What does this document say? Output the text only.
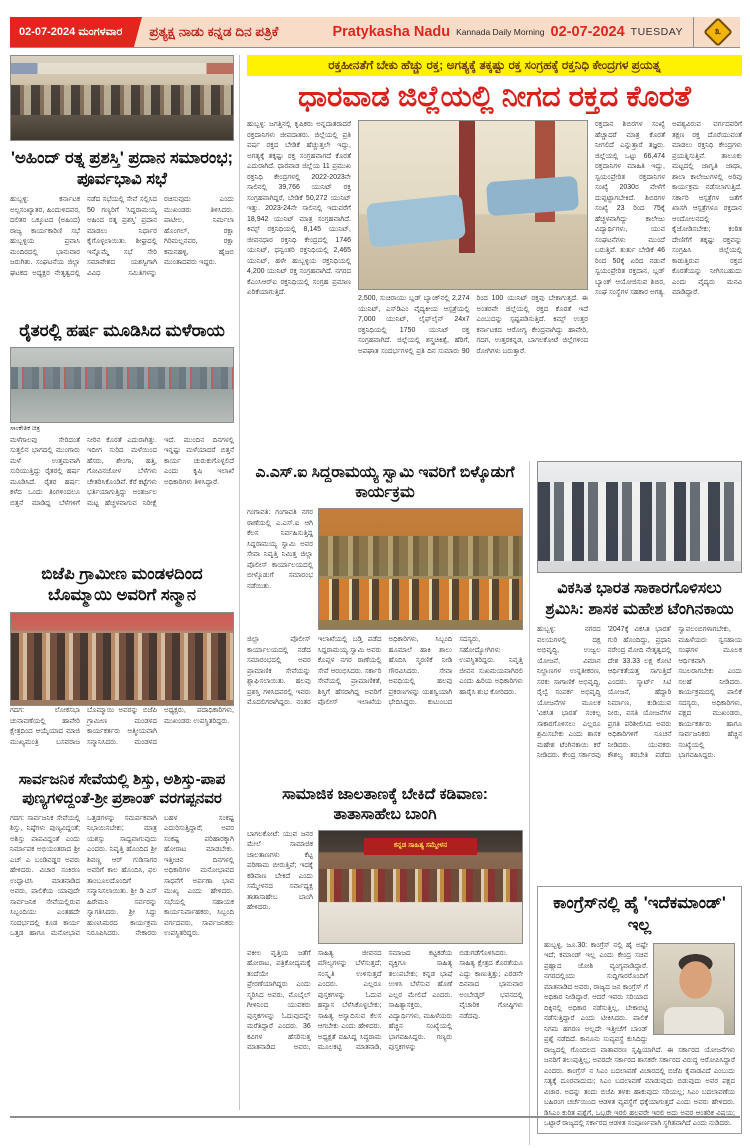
02-07-2024 ಮಂಗಳವಾರ	ಪ್ರತ್ಯಕ್ಷ ನಾಡು ಕನ್ನಡ ದಿನ ಪತ್ರಿಕೆ	Pratykasha Nadu Kannada Daily Morning 02-07-2024 TUESDAY	೩
'ಅಹಿಂದ್ ರತ್ನ ಪ್ರಶಸ್ತಿ' ಪ್ರದಾನ ಸಮಾರಂಭ; ಪೂರ್ವಭಾವಿ ಸಭೆ
ಹುಬ್ಬಳ್ಳಿ: ಕರ್ನಾಟಕ ಅಲ್ಪಸಂಖ್ಯಾತರ, ಹಿಂದುಳಿದವರ, ದಲಿತರ ಒಕ್ಕೂಟದ (ಅಹಿಂದ) ರಾಜ್ಯ ಕಾರ್ಯಕಾರಿಣಿ ಸಭೆ ಹುಬ್ಬಳ್ಳಿಯ ಪ್ರವಾಸಿ ಮಂದಿರದಲ್ಲಿ ಭಾನುವಾರ ಜರುಗಿತು. ಸಂಘಟನೆಯ ಜಿಲ್ಲಾ ಘಟಕದ ಅಧ್ಯಕ್ಷರ ನೇತೃತ್ವದಲ್ಲಿ ನಡೆದ ಸಭೆಯಲ್ಲಿ ಸೇವೆ ಸಲ್ಲಿಸಿದ 50 ಗಣ್ಯರಿಗೆ 'ಸಿದ್ದರಾಮಯ್ಯ ಅಹಿಂದ ರತ್ನ ಪ್ರಶಸ್ತಿ' ಪ್ರದಾನ ಮಾಡಲು ನಿರ್ಧಾರ ಕೈಗೊಳ್ಳಲಾಯಿತು. ಶೀಘ್ರದಲ್ಲಿ ಇನ್ನೊಮ್ಮೆ ಸಭೆ ಸೇರಿ ಸಮಾವೇಶದ ಯಶಸ್ವಿಗಾಗಿ ವಿವಿಧ ಸಮಿತಿಗಳನ್ನು ರಚಿಸುವುದು ಎಂದು ಮುಖಂಡರು ತಿಳಿಸಿದರು. ಪಾಟೀಲ, ನಿರ್ಮಲಾ ಹೊಂಗಲ್, ರಕ್ಷಾ ಗಿರಿಮಲ್ಲನವರ, ರಕ್ಷಾ ಕಮನಹಳ್ಳಿ, ಹೈಜಬಿ ಮುಂತಾದವರು ಇದ್ದರು.
ರೈತರಲ್ಲಿ ಹರ್ಷ ಮೂಡಿಸಿದ ಮಳೆರಾಯ
ಸಾಂಕೇತಿಕ ಚಿತ್ರ
ಮಳೆಗಾಲವು ಸೇರಿದಂತೆ ಸುತ್ತಲಿನ ಭಾಗದಲ್ಲಿ ಮುಂಗಾರು ಮಳೆ ಉತ್ತಮವಾಗಿ ಸುರಿಯುತ್ತಿದ್ದು ರೈತರಲ್ಲಿ ಹರ್ಷ ಮೂಡಿಸಿದೆ. ರೈತರ ಹರ್ಷ: ಕಳೆದ ಒಂದು ತಿಂಗಳಿಂದಲೂ ಬಿತ್ತನೆ ಮಾಡಿದ್ದ ಬೆಳೆಗಳಿಗೆ ನೀರಿನ ಕೊರತೆ ಎದುರಾಗಿತ್ತು. ಇದೀಗ ಸುರಿದ ಮಳೆಯಿಂದ ಹೆಸರು, ಶೇಂಗಾ, ಹತ್ತಿ, ಗೋವಿನಜೋಳ ಬೆಳೆಗಳು ಚೇತರಿಸಿಕೊಂಡಿವೆ. ಕೆರೆ ಕಟ್ಟೆಗಳು ಭರ್ತಿಯಾಗುತ್ತಿದ್ದು ಅಂತರ್ಜಲ ಮಟ್ಟ ಹೆಚ್ಚಳವಾಗುವ ನಿರೀಕ್ಷೆ ಇದೆ. ಮುಂದಿನ ದಿನಗಳಲ್ಲಿ ಇನ್ನಷ್ಟು ಮಳೆಯಾದರೆ ಬಿತ್ತನೆ ಕಾರ್ಯ ಚುರುಕುಗೊಳ್ಳಲಿದೆ ಎಂದು ಕೃಷಿ ಇಲಾಖೆ ಅಧಿಕಾರಿಗಳು ತಿಳಿಸಿದ್ದಾರೆ.
ಬಿಜೆಪಿ ಗ್ರಾಮೀಣ ಮಂಡಳದಿಂದ ಬೊಮ್ಮಾಯಿ ಅವರಿಗೆ ಸನ್ಮಾನ
ಗದಗ: ಲೋಕಸಭಾ ಚುನಾವಣೆಯಲ್ಲಿ ಹಾವೇರಿ ಕ್ಷೇತ್ರದಿಂದ ಆಯ್ಕೆಯಾದ ಮಾಜಿ ಮುಖ್ಯಮಂತ್ರಿ ಬಸವರಾಜ ಬೊಮ್ಮಾಯಿ ಅವರನ್ನು ಬಿಜೆಪಿ ಗ್ರಾಮೀಣ ಮಂಡಳದ ಕಾರ್ಯಕರ್ತರು ಆತ್ಮೀಯವಾಗಿ ಸನ್ಮಾನಿಸಿದರು. ಮಂಡಳದ ಅಧ್ಯಕ್ಷರು, ಪದಾಧಿಕಾರಿಗಳು, ಮುಖಂಡರು ಉಪಸ್ಥಿತರಿದ್ದರು.
ಸಾರ್ವಜನಿಕ ಸೇವೆಯಲ್ಲಿ ಶಿಸ್ತು, ಅಶಿಸ್ತು-ಪಾಪ ಪುಣ್ಯಗಳಿದ್ದಂತೆ-ಶ್ರೀ ಪ್ರಶಾಂತ್ ವರಗಪ್ಪನವರ
ಗದಗ: ಸಾರ್ವಜನಿಕ ಸೇವೆಯಲ್ಲಿ ಶಿಸ್ತು, ನಿಷ್ಠೆಗಳು ಪುಣ್ಯವಿದ್ದಂತೆ; ಅಶಿಸ್ತು ಪಾಪವಿದ್ದಂತೆ ಎಂದು ನಿರ್ಮಾಪಕ ಅಭಿಯಂತರಾದ ಶ್ರೀ ಎಚ್ ಎ ಬಂಡಿವಡ್ಡರ ಅವರು ಹೇಳಿದರು. ವಿಚಾರ ಸಂಕಿರಣ ಉದ್ಘಾಟಿಸಿ ಮಾತನಾಡಿದ ಅವರು, ಪಾಲಿಕೆಯ ಯಾವುದೇ ಸಾರ್ವಜನಿಕ ಸೇವೆಯಲ್ಲಿರುವ ಸಿಬ್ಬಂದಿಯು ಎಂತಹದೇ ಸಂದರ್ಭದಲ್ಲಿ ಕೂಡ ಕಾರ್ಯ ಒತ್ತಡ ಹಾಗೂ ಮನೋಭಾವ ಒತ್ತಡಗಳನ್ನು ಸಮರ್ಪಕವಾಗಿ ನಿಭಾಯಿಸಬೇಕು; ಮಾತ್ರ ಯಶಸ್ಸು ಸಾಧ್ಯವಾಗುವುದು ಎಂದರು. ನಿವೃತ್ತಿ ಹೊಂದಿದ ಶ್ರೀ ಶಿವಣ್ಣ ಆರ್ ಗುಡಿಸಾಗರ ಅವರಿಗೆ ಕಾಲ ಹೊಂದಿಸಿ, ಫಲ ತಾಂಬೂಲದೊಂದಿಗೆ ಸನ್ಮಾನಿಸಲಾಯಿತು. ಶ್ರೀ ಡಿ ಎಸ್ ಹಿರೇಮನಿ ಸರ್ವರನ್ನು ಸ್ವಾಗತಿಸಿದರು. ಶ್ರೀ ಸಿದ್ದು ಹುಣಸಿಮರದ ಕಾರ್ಯಕ್ರಮ ನಿರೂಪಿಸಿದರು. ನೇಕಾರರು ಬಹಳ ಸಂಕಷ್ಟ ಎದುರಿಸುತ್ತಿದ್ದಾರೆ; ಅವರ ಸಂಕಷ್ಟ ಪರಿಹಾರಕ್ಕಾಗಿ ಹೋರಾಟ ಮಾಡಬೇಕು. ಇತ್ತೀಚಿನ ದಿನಗಳಲ್ಲಿ ಅಧಿಕಾರಿಗಳ ಮನೋಭಾವದ ಸಾಧನೆಗೆ ಅರ್ಪಣಾ ಭಾವ ಮುಖ್ಯ ಎಂದು ಹೇಳಿದರು. ಸಭೆಯಲ್ಲಿ ಸಹಾಯಕ ಕಾರ್ಯನಿರ್ವಾಹಕರು, ಸಿಬ್ಬಂದಿ ವರ್ಗದವರು, ಸಾರ್ವಜನಿಕರು ಉಪಸ್ಥಿತರಿದ್ದರು.
ರಕ್ತಹೀನತೆಗೆ ಬೇಕು ಹೆಚ್ಚು ರಕ್ತ; ಅಗತ್ಯಕ್ಕೆ ತಕ್ಕಷ್ಟು ರಕ್ತ ಸಂಗ್ರಹಕ್ಕೆ ರಕ್ತನಿಧಿ ಕೇಂದ್ರಗಳ ಪ್ರಯತ್ನ
ಧಾರವಾಡ ಜಿಲ್ಲೆಯಲ್ಲಿ ನೀಗದ ರಕ್ತದ ಕೊರತೆ
ಹುಬ್ಬಳ್ಳಿ: ಜಗತ್ತಿನಲ್ಲಿ ಕೃಷಿಕರು ಅನ್ನದಾತರಾದರೆ ರಕ್ತದಾನಿಗಳು ಜೀವದಾತರು. ಜಿಲ್ಲೆಯಲ್ಲಿ ಪ್ರತಿ ವರ್ಷ ರಕ್ತದ ಬೇಡಿಕೆ ಹೆಚ್ಚುತ್ತಲೇ ಇದ್ದು, ಅಗತ್ಯಕ್ಕೆ ತಕ್ಕಷ್ಟು ರಕ್ತ ಸಂಗ್ರಹವಾಗದೆ ಕೊರತೆ ಎದುರಾಗಿದೆ. ಧಾರವಾಡ ಜಿಲ್ಲೆಯ 11 ಪ್ರಮುಖ ರಕ್ತನಿಧಿ ಕೇಂದ್ರಗಳಲ್ಲಿ 2022-2023ನೇ ಸಾಲಿನಲ್ಲಿ 39,766 ಯುನಿಟ್ ರಕ್ತ ಸಂಗ್ರಹವಾಗಿದ್ದರೆ, ಬೇಡಿಕೆ 50,272 ಯುನಿಟ್ ಇತ್ತು. 2023-24ನೇ ಸಾಲಿನಲ್ಲಿ ಇದುವರೆಗೆ 18,942 ಯುನಿಟ್ ಮಾತ್ರ ಸಂಗ್ರಹವಾಗಿದೆ. ಕಿಮ್ಸ್ ರಕ್ತನಿಧಿಯಲ್ಲಿ 8,145 ಯುನಿಟ್, ಜೀವನಧಾರ ರಕ್ತನಿಧಿ ಕೇಂದ್ರದಲ್ಲಿ 1746 ಯುನಿಟ್, ಧನ್ವಂತರಿ ರಕ್ತನಿಧಿಯಲ್ಲಿ 2,465 ಯುನಿಟ್, ಹಳೇ ಹುಬ್ಬಳ್ಳಿಯ ರಕ್ತನಿಧಿಯಲ್ಲಿ 4,200 ಯುನಿಟ್ ರಕ್ತ ಸಂಗ್ರಹವಾಗಿದೆ. ನಗರದ ಕೆಎಂಸಿಆರ್‌ಐ ರಕ್ತನಿಧಿಯಲ್ಲಿ ಸಂಗ್ರಹ ಪ್ರಮಾಣ ಏರಿಕೆಯಾಗುತ್ತಿದೆ.
2,500, ಸುಚಿರಾಯು ಬ್ಲಡ್ ಬ್ಯಾಂಕ್‌ನಲ್ಲಿ 2,274 ಯುನಿಟ್, ಎಸ್‌ಡಿಎಂ ವೈದ್ಯಕೀಯ ಆಸ್ಪತ್ರೆಯಲ್ಲಿ 7,000 ಯುನಿಟ್, ಲೈಫ್‌ಲೈನ್ 24x7 ರಕ್ತನಿಧಿಯಲ್ಲಿ 1750 ಯುನಿಟ್ ರಕ್ತ ಸಂಗ್ರಹವಾಗಿದೆ. ಜಿಲ್ಲೆಯಲ್ಲಿ ಶಸ್ತ್ರಚಿಕಿತ್ಸೆ, ಹೆರಿಗೆ, ಅಪಘಾತ ಸಂದರ್ಭಗಳಲ್ಲಿ ಪ್ರತಿ ದಿನ ಸುಮಾರು 90 ರಿಂದ 100 ಯುನಿಟ್ ರಕ್ತವು ಬೇಕಾಗುತ್ತದೆ. ಈ ಅಂತರವೇ ಜಿಲ್ಲೆಯಲ್ಲಿ ರಕ್ತದ ಕೊರತೆ ಇದೆ ಎಂಬುದನ್ನು ಸ್ಪಷ್ಟಪಡಿಸುತ್ತಿದೆ. ಕಿಮ್ಸ್ ಉತ್ತರ ಕರ್ನಾಟಕದ ಆರೋಗ್ಯ ಕೇಂದ್ರವಾಗಿದ್ದು ಹಾವೇರಿ, ಗದಗ, ಉತ್ತರಕನ್ನಡ, ಬಾಗಲಕೋಟೆ ಜಿಲ್ಲೆಗಳಿಂದ ರೋಗಿಗಳು ಬರುತ್ತಾರೆ.
ರಕ್ತದಾನ ಶಿಬಿರಗಳ ಸಂಖ್ಯೆ ಹೆಚ್ಚಾದರೆ ಮಾತ್ರ ಕೊರತೆ ನೀಗಲಿದೆ ಎನ್ನುತ್ತಾರೆ ತಜ್ಞರು. ಜಿಲ್ಲೆಯಲ್ಲಿ ಒಟ್ಟು 66,474 ರಕ್ತದಾನಿಗಳ ಮಾಹಿತಿ ಇದ್ದು, ಸ್ವಯಂಪ್ರೇರಿತ ರಕ್ತದಾನಿಗಳ ಸಂಖ್ಯೆ 2030ರ ವೇಳೆಗೆ ದುಪ್ಪಟ್ಟಾಗಬೇಕಿದೆ. ಶಿಬಿರಗಳ ಸಂಖ್ಯೆ 23 ರಿಂದ 75ಕ್ಕೆ ಹೆಚ್ಚಳವಾಗಿದ್ದು ಕಾಲೇಜು ವಿದ್ಯಾರ್ಥಿಗಳು, ಯುವ ಸಂಘಟನೆಗಳು ಮುಂದೆ ಬರುತ್ತಿವೆ. ತುರ್ತು ಬೇಡಿಕೆ 46 ರಿಂದ 50ಕ್ಕೆ ಏರಿದ ನಡುವೆ ಸ್ವಯಂಪ್ರೇರಿತ ರಕ್ತದಾನ, ಬ್ಲಡ್ ಬ್ಯಾಂಕ್ ಆಯೋಜಿಸುವ ಶಿಬಿರ, ಸಂಘ ಸಂಸ್ಥೆಗಳ ಸಹಕಾರ ಅಗತ್ಯ. ಅವಶ್ಯವಿರುವ ವರ್ಗದವರಿಗೆ ತಕ್ಷಣ ರಕ್ತ ದೊರೆಯುವಂತೆ ಮಾಡಲು ರಕ್ತನಿಧಿ ಕೇಂದ್ರಗಳು ಪ್ರಯತ್ನಿಸುತ್ತಿವೆ. ತಾಲೂಕು ಮಟ್ಟದಲ್ಲಿ ಜಾಗೃತಿ ಜಾಥಾ, ಶಾಲಾ ಕಾಲೇಜುಗಳಲ್ಲಿ ಅರಿವು ಕಾರ್ಯಕ್ರಮ ನಡೆಸಲಾಗುತ್ತಿದೆ. ಸರ್ಕಾರಿ ಆಸ್ಪತ್ರೆಗಳ ಜತೆಗೆ ಖಾಸಗಿ ಆಸ್ಪತ್ರೆಗಳೂ ರಕ್ತದಾನ ಆಂದೋಲನದಲ್ಲಿ ಕೈಜೋಡಿಸಬೇಕು; ಕಂಠಿತ ದೇಣಿಗೆಗೆ ತಕ್ಕಷ್ಟು ರಕ್ತವನ್ನು ಸಂಗ್ರಹಿಸಿ ಜಿಲ್ಲೆಯಲ್ಲಿ ಕಾಡುತ್ತಿರುವ ರಕ್ತದ ಕೊರತೆಯನ್ನು ನೀಗಿಸಬಹುದು ಎಂದು ವೈದ್ಯರು ಮನವಿ ಮಾಡಿದ್ದಾರೆ.
ಎ.ಎಸ್.ಐ ಸಿದ್ದರಾಮಯ್ಯ ಸ್ವಾಮಿ ಇವರಿಗೆ ಬಿಳ್ಕೊಡುಗೆ ಕಾರ್ಯಕ್ರಮ
ಗಂಗಾವತಿ: ಗಂಗಾವತಿ ನಗರ ಠಾಣೆಯಲ್ಲಿ ಎ.ಎಸ್.ಐ ಆಗಿ ಕೆಲಸ ನಿರ್ವಹಿಸುತ್ತಿದ್ದ ಸಿದ್ದರಾಮಯ್ಯ ಸ್ವಾಮಿ ಅವರ ಸೇವಾ ನಿವೃತ್ತಿ ನಿಮಿತ್ತ ಜಿಲ್ಲಾ ಪೊಲೀಸ್ ಕಾರ್ಯಾಲಯದಲ್ಲಿ ಬೀಳ್ಕೊಡುಗೆ ಸಮಾರಂಭ ನಡೆಯಿತು.
ಜಿಲ್ಲಾ ಪೊಲೀಸ್ ಕಾರ್ಯಾಲಯದಲ್ಲಿ ನಡೆದ ಸಮಾರಂಭದಲ್ಲಿ ಅವರ ಪ್ರಾಮಾಣಿಕ ಸೇವೆಯನ್ನು ಶ್ಲಾಘಿಸಲಾಯಿತು. ಹಲವು ಪ್ರಶಸ್ತಿ ಗಳಿಸಿದವರಲ್ಲಿ ಇವರು ಮೊದಲಿಗರಾಗಿದ್ದರು. ನಂತರ ಇಲಾಖೆಯಲ್ಲಿ ಬಡ್ತಿ ಪಡೆದ ಸಿದ್ದರಾಮಯ್ಯ ಸ್ವಾಮಿ ಅವರು ಕೊಪ್ಪಳ ನಗರ ಠಾಣೆಯಲ್ಲಿ ಸೇವೆ ಆರಂಭಿಸಿದರು. ಸರ್ಕಾರಿ ಸೇವೆಯಲ್ಲಿ ಪ್ರಾಮಾಣಿಕತೆ, ಶಿಸ್ತಿಗೆ ಹೆಸರಾಗಿದ್ದ ಅವರಿಗೆ ಪೊಲೀಸ್ ಇಲಾಖೆಯ ಅಧಿಕಾರಿಗಳು, ಸಿಬ್ಬಂದಿ ಹೂಮಾಲೆ ಹಾಕಿ ಶಾಲು ಹೊದಿಸಿ ಸ್ಮರಣಿಕೆ ನೀಡಿ ಗೌರವಿಸಿದರು. ಸೇವಾ ಅವಧಿಯಲ್ಲಿ ಹಲವು ಪ್ರಕರಣಗಳನ್ನು ಯಶಸ್ವಿಯಾಗಿ ಭೇದಿಸಿದ್ದರು. ಕುಟುಂಬದ ಸದಸ್ಯರು, ಸಹೋದ್ಯೋಗಿಗಳು ಉಪಸ್ಥಿತರಿದ್ದರು. ನಿವೃತ್ತಿ ಜೀವನ ಸುಖಮಯವಾಗಿರಲಿ ಎಂದು ಹಿರಿಯ ಅಧಿಕಾರಿಗಳು ಹಾರೈಸಿ ಶುಭ ಕೋರಿದರು.
ಸಾಮಾಜಿಕ ಜಾಲತಾಣಕ್ಕೆ ಬೇಕಿದೆ ಕಡಿವಾಣ: ತಾತಾಸಾಹೇಬ ಬಾಂಗಿ
ಬಾಗಲಕೋಟೆ: ಯುವ ಜನರ ಮೇಲೆ ಸಾಮಾಜಿಕ ಜಾಲತಾಣಗಳು ಕೆಟ್ಟ ಪರಿಣಾಮ ಬೀರುತ್ತಿವೆ; ಇದಕ್ಕೆ ಕಡಿವಾಣ ಬೇಕಿದೆ ಎಂದು ಸಮ್ಮೇಳನದ ಸರ್ವಾಧ್ಯಕ್ಷ ತಾತಾಸಾಹೇಬ ಬಾಂಗಿ ಹೇಳಿದರು.
ಕನ್ನಡ ಸಾಹಿತ್ಯ ಸಮ್ಮೇಳನ
ವಕೀಲ ವೃತ್ತಿಯ ಜತೆಗೆ ಹೋರಾಟ, ಪತ್ರಿಕೋದ್ಯಮಕ್ಕೆ ತಂದೆಯೇ ಪ್ರೇರಣೆಯಾಗಿದ್ದರು ಎಂದು ಸ್ಮರಿಸಿದ ಅವರು, ಮೊಬೈಲ್ ಗೀಳಿನಿಂದ ಯುವಕರು ಪುಸ್ತಕಗಳನ್ನು ಓದುವುದನ್ನೇ ಮರೆತಿದ್ದಾರೆ ಎಂದರು. 36 ಕವಿಗಳ ಹೆಸರಿಸುತ್ತ ಮಾತನಾಡಿದ ಅವರು, ಸಾಹಿತ್ಯ ಜೀವನದ ಮೌಲ್ಯಗಳನ್ನು ಬೆಳೆಸುತ್ತದೆ; ಸಂಸ್ಕೃತಿ ಉಳಿಸುತ್ತದೆ ಎಂದರು. ಎಲ್ಲರೂ ಪುಸ್ತಕಗಳನ್ನು ಓದುವ ಹವ್ಯಾಸ ಬೆಳೆಸಿಕೊಳ್ಳಬೇಕು; ಸಾಹಿತ್ಯ ಆಸ್ವಾದಿಸುವ ಕೆಲಸ ಆಗಬೇಕು ಎಂದು ಹೇಳಿದರು. ಅಧ್ಯಕ್ಷತೆ ವಹಿಸಿದ್ದ ಸಿದ್ಧರಾಮ ಮೂಲಕಟ್ಟಿ ಮಾತನಾಡಿ, ಸಮಾಜದ ಕಟ್ಟಕಡೆಯ ವ್ಯಕ್ತಿಗೂ ಸಾಹಿತ್ಯ ತಲುಪಬೇಕು; ಕನ್ನಡ ಭಾಷೆ ಉಳಿಸಿ ಬೆಳೆಸುವ ಹೊಣೆ ಎಲ್ಲರ ಮೇಲಿದೆ ಎಂದರು. ಸಾಹಿತ್ಯಾಸಕ್ತರು, ವಿದ್ಯಾರ್ಥಿಗಳು, ಮಹಿಳೆಯರು ಹೆಚ್ಚಿನ ಸಂಖ್ಯೆಯಲ್ಲಿ ಭಾಗವಹಿಸಿದ್ದರು. ಗಣ್ಯರು ಪುಸ್ತಕಗಳನ್ನು ಬಿಡುಗಡೆಗೊಳಿಸಿದರು. ಸಾಹಿತ್ಯ ಕ್ಷೇತ್ರದ ಕೊರತೆಯೂ ಎದ್ದು ಕಾಣುತ್ತಿತ್ತು; ಎರಡನೇ ದಿನವಾದ ಭಾನುವಾರ ಅಂಬೇಡ್ಕರ್ ಭವನದಲ್ಲಿ ವೈಚಾರಿಕ ಗೋಷ್ಠಿಗಳು ನಡೆದವು.
ವಿಕಸಿತ ಭಾರತ ಸಾಕಾರಗೊಳಿಸಲು ಶ್ರಮಿಸಿ: ಶಾಸಕ ಮಹೇಶ ಟೆಂಗಿನಕಾಯಿ
ಹುಬ್ಬಳ್ಳಿ: ನಗರದ ವಲಯಗಳಲ್ಲಿ ದಕ್ಷ ಅಭಿವೃದ್ಧಿ, ಉಜ್ವಲ ಯೋಜನೆ, ವಿಮಾನ ನಿಲ್ದಾಣಗಳ ಉನ್ನತೀಕರಣ, ಸರಕು ಸಾಗಾಣಿಕೆ ಅಭಿವೃದ್ಧಿ, ರೈಲ್ವೆ ಸಂಪರ್ಕ ಅಭಿವೃದ್ಧಿ ಯೋಜನೆಗಳ ಮೂಲಕ 'ವಿಕಸಿತ ಭಾರತ' ಸಂಕಲ್ಪ ಸಾಕಾರಗೊಳಿಸಲು ಎಲ್ಲರೂ ಶ್ರಮಿಸಬೇಕು ಎಂದು ಶಾಸಕ ಮಹೇಶ ಟೆಂಗಿನಕಾಯಿ ಕರೆ ನೀಡಿದರು. ಕೇಂದ್ರ ಸರ್ಕಾರವು '2047ಕ್ಕೆ ವಿಕಸಿತ ಭಾರತ' ಗುರಿ ಹೊಂದಿದ್ದು, ಪ್ರಧಾನಿ ನರೇಂದ್ರ ಮೋದಿ ನೇತೃತ್ವದಲ್ಲಿ ದೇಶ 33.33 ಲಕ್ಷ ಕೋಟಿ ಆರ್ಥಿಕತೆಯತ್ತ ಸಾಗುತ್ತಿದೆ ಎಂದರು. ಸ್ಮಾರ್ಟ್ ಸಿಟಿ ಯೋಜನೆ, ಹೆದ್ದಾರಿ ನಿರ್ಮಾಣ, ಕುಡಿಯುವ ನೀರು, ವಸತಿ ಯೋಜನೆಗಳ ಪ್ರಗತಿ ಪರಿಶೀಲಿಸಿದ ಅವರು ಅಧಿಕಾರಿಗಳಿಗೆ ಸೂಚನೆ ನೀಡಿದರು. ಯುವಕರು ಕೌಶಲ್ಯ ತರಬೇತಿ ಪಡೆದು ಸ್ವಾವಲಂಬಿಗಳಾಗಬೇಕು, ಮಹಿಳೆಯರು ಸ್ವಸಹಾಯ ಸಂಘಗಳ ಮೂಲಕ ಆರ್ಥಿಕವಾಗಿ ಸಬಲರಾಗಬೇಕು ಎಂದು ಸಲಹೆ ನೀಡಿದರು. ಕಾರ್ಯಕ್ರಮದಲ್ಲಿ ಪಾಲಿಕೆ ಸದಸ್ಯರು, ಅಧಿಕಾರಿಗಳು, ಪಕ್ಷದ ಮುಖಂಡರು, ಕಾರ್ಯಕರ್ತರು ಹಾಗೂ ಸಾರ್ವಜನಿಕರು ಹೆಚ್ಚಿನ ಸಂಖ್ಯೆಯಲ್ಲಿ ಭಾಗವಹಿಸಿದ್ದರು.
ಕಾಂಗ್ರೆಸ್‌ನಲ್ಲಿ ಹೈ 'ಇದೆಕಮಾಂಡ್' ಇಲ್ಲ
ಹುಬ್ಬಳ್ಳಿ, ಜೂ.30: ಕಾಂಗ್ರೆಸ್ ನಲ್ಲಿ ಹೈ ಅಷ್ಟೇ ಇದೆ; ಕಮಾಂಡ್ ಇಲ್ಲ ಎಂದು ಕೇಂದ್ರ ಸಚಿವ ಪ್ರಹ್ಲಾದ ಜೋಶಿ ವ್ಯಂಗ್ಯವಾಡಿದ್ದಾರೆ. ನಗರದಲ್ಲಿಂದು ಸುದ್ದಿಗಾರರೊಂದಿಗೆ ಮಾತನಾಡಿದ ಅವರು, ರಾಜ್ಯದ ಜನ ಕಾಂಗ್ರೆಸ್ ಗೆ ಅಧಿಕಾರ ನೀಡಿದ್ದಾರೆ. ಆದರೆ ಇವರು ಸರಿಯಾದ ದಿಕ್ಕಿನಲ್ಲಿ ಅಧಿಕಾರ ನಡೆಸುತ್ತಿಲ್ಲ, ಬೇಕಾಬಿಟ್ಟಿ ನಡೆಸುತ್ತಿದ್ದಾರೆ ಎಂದು ಟೀಕಿಸಿದರು. ಪಾಲಿಕೆ ನಿಗಮ ಹಗರಣ ಅಲ್ಲದೇ ಇತ್ತೀಚೆಗೆ ಬಾಂಡ್ ಪ್ರಶ್ನೆ ನಡೆದಿದೆ. ಕಾನೂನು ಸುವ್ಯವಸ್ಥೆ ಕುಸಿದಿದ್ದು ರಾಜ್ಯದಲ್ಲಿ ಗೊಂದಲದ ವಾತಾವರಣ ಸೃಷ್ಟಿಯಾಗಿದೆ. ಈ ಸರ್ಕಾರದ ಯೋಜನೆಗಳು ಜನರಿಗೆ ತಲುಪುತ್ತಿಲ್ಲ; ಅವರದೇ ಸರ್ಕಾರದ ಶಾಸಕರೇ ಸರ್ಕಾರದ ವಿರುದ್ಧ ಆರೋಪಿಸಿದ್ದಾರೆ ಎಂದರು. ಕಾಂಗ್ರೆಸ್ ನ ಸಿಎಂ ಬದಲಾವಣೆ ವಿಚಾರದಲ್ಲಿ ಬಿಜೆಪಿ ಕೈವಾಡವಿದೆ ಎಂಬುದು ಸತ್ಯಕ್ಕೆ ದೂರವಾದುದು; ಸಿಎಂ ಬದಲಾವಣೆ ಮಾಡುವುದು ಬಿಡುವುದು ಅವರ ಪಕ್ಷದ ವಿಚಾರ. ಅದನ್ನು ತಂದು ಬಿಜೆಪಿ ತಳಕು ಹಾಕುವುದು ಸರಿಯಲ್ಲ; ಸಿಎಂ ಬದಲಾವಣೆಯ ಬಹಿರಂಗ ಚರ್ಚೆಯಿಂದ ಆಡಳಿತ ವ್ಯವಸ್ಥೆಗೆ ಧಕ್ಕೆಯಾಗುತ್ತದೆ ಎಂದು ಅವರು ಹೇಳಿದರು. ಡಿಸಿಎಂ ಕುರಿತ ಪ್ರಶ್ನೆಗೆ, ಒಬ್ಬರೇ ಇರಲಿ ಹಲವರೇ ಇರಲಿ ಅದು ಅವರ ಆಂತರಿಕ ವಿಷಯ; ಒಟ್ಟಾರೆ ರಾಜ್ಯದಲ್ಲಿ ಸರ್ಕಾರದ ಆಡಳಿತ ಸಂಪೂರ್ಣವಾಗಿ ಸ್ಥಗಿತವಾಗಿದೆ ಎಂದು ನುಡಿದರು.
